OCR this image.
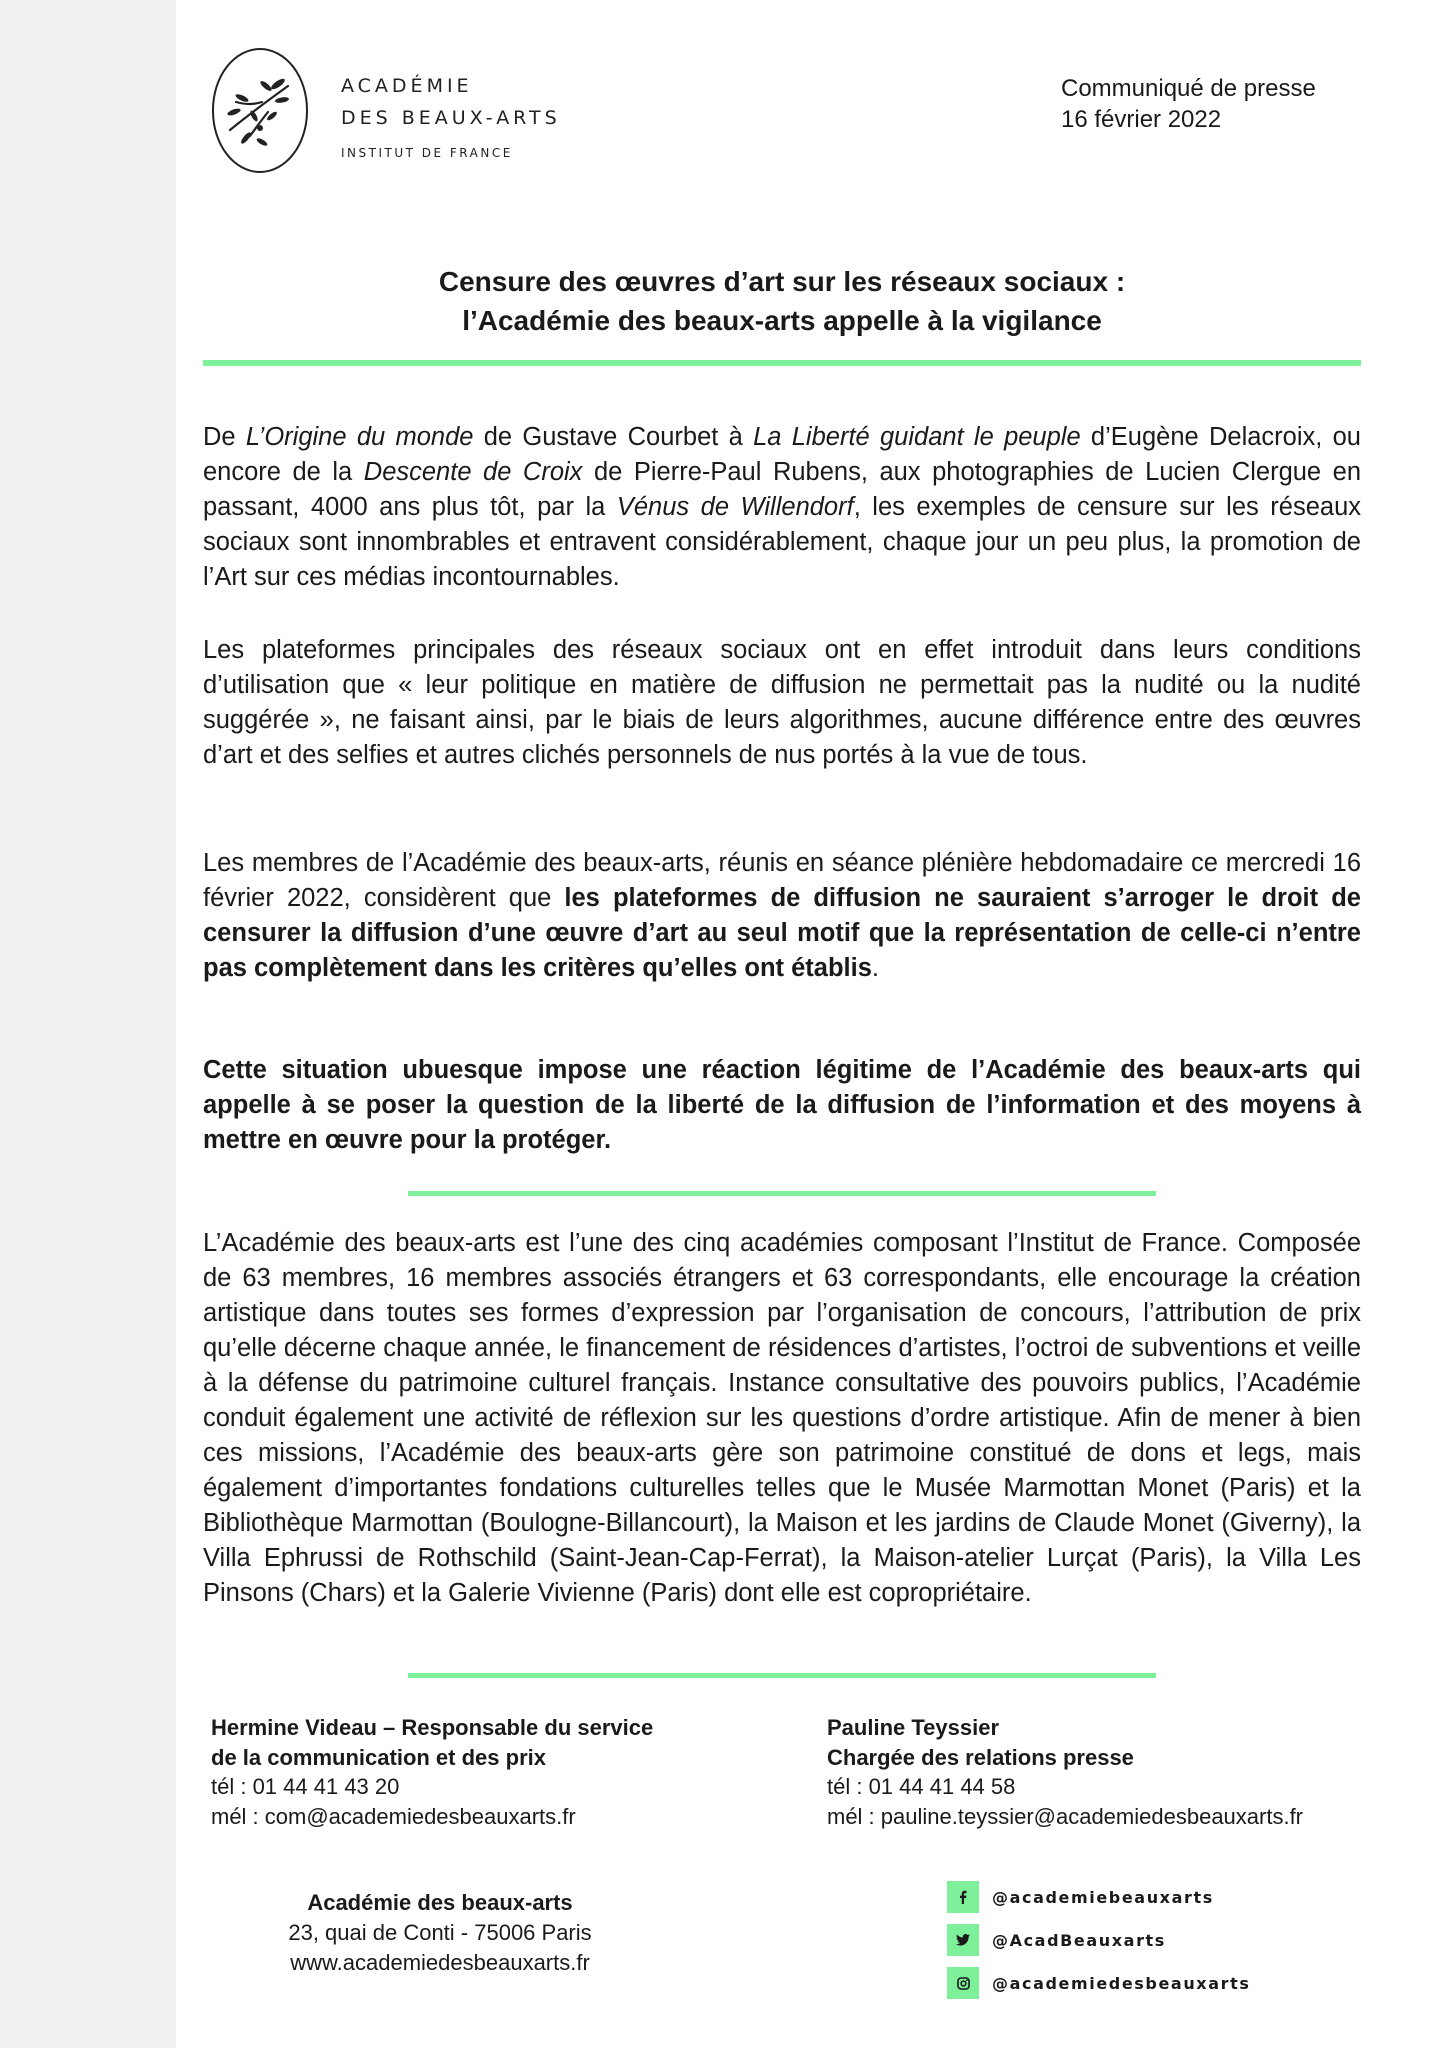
ACADÉMIE
DES BEAUX-ARTS
INSTITUT DE FRANCE
Communiqué de presse
16 février 2022
Censure des œuvres d’art sur les réseaux sociaux :
l’Académie des beaux-arts appelle à la vigilance

De L’Origine du monde de Gustave Courbet à La Liberté guidant le peuple d’Eugène Delacroix, ou encore de la Descente de Croix de Pierre-Paul Rubens, aux photographies de Lucien Clergue en passant, 4000 ans plus tôt, par la Vénus de Willendorf, les exemples de censure sur les réseaux sociaux sont innombrables et entravent considérablement, chaque jour un peu plus, la promotion de l’Art sur ces médias incontournables.

Les plateformes principales des réseaux sociaux ont en effet introduit dans leurs conditions d’utilisation que « leur politique en matière de diffusion ne permettait pas la nudité ou la nudité suggérée », ne faisant ainsi, par le biais de leurs algorithmes, aucune différence entre des œuvres d’art et des selfies et autres clichés personnels de nus portés à la vue de tous.

Les membres de l’Académie des beaux-arts, réunis en séance plénière hebdomadaire ce mercredi 16 février 2022, considèrent que les plateformes de diffusion ne sauraient s’arroger le droit de censurer la diffusion d’une œuvre d’art au seul motif que la représentation de celle-ci n’entre pas complètement dans les critères qu’elles ont établis.

Cette situation ubuesque impose une réaction légitime de l’Académie des beaux-arts qui appelle à se poser la question de la liberté de la diffusion de l’information et des moyens à mettre en œuvre pour la protéger.

L’Académie des beaux-arts est l’une des cinq académies composant l’Institut de France. Composée de 63 membres, 16 membres associés étrangers et 63 correspondants, elle encourage la création artistique dans toutes ses formes d’expression par l’organisation de concours, l’attribution de prix qu’elle décerne chaque année, le financement de résidences d’artistes, l’octroi de subventions et veille à la défense du patrimoine culturel français. Instance consultative des pouvoirs publics, l’Académie conduit également une activité de réflexion sur les questions d’ordre artistique. Afin de mener à bien ces missions, l’Académie des beaux-arts gère son patrimoine constitué de dons et legs, mais également d’importantes fondations culturelles telles que le Musée Marmottan Monet (Paris) et la Bibliothèque Marmottan (Boulogne-Billancourt), la Maison et les jardins de Claude Monet (Giverny), la Villa Ephrussi de Rothschild (Saint-Jean-Cap-Ferrat), la Maison-atelier Lurçat (Paris), la Villa Les Pinsons (Chars) et la Galerie Vivienne (Paris) dont elle est copropriétaire.

Hermine Videau – Responsable du service
de la communication et des prix
tél : 01 44 41 43 20
mél : com@academiedesbeauxarts.fr
Pauline Teyssier
Chargée des relations presse
tél : 01 44 41 44 58
mél : pauline.teyssier@academiedesbeauxarts.fr
Académie des beaux-arts
23, quai de Conti - 75006 Paris
www.academiedesbeauxarts.fr
@academiebeauxarts
@AcadBeauxarts
@academiedesbeauxarts
